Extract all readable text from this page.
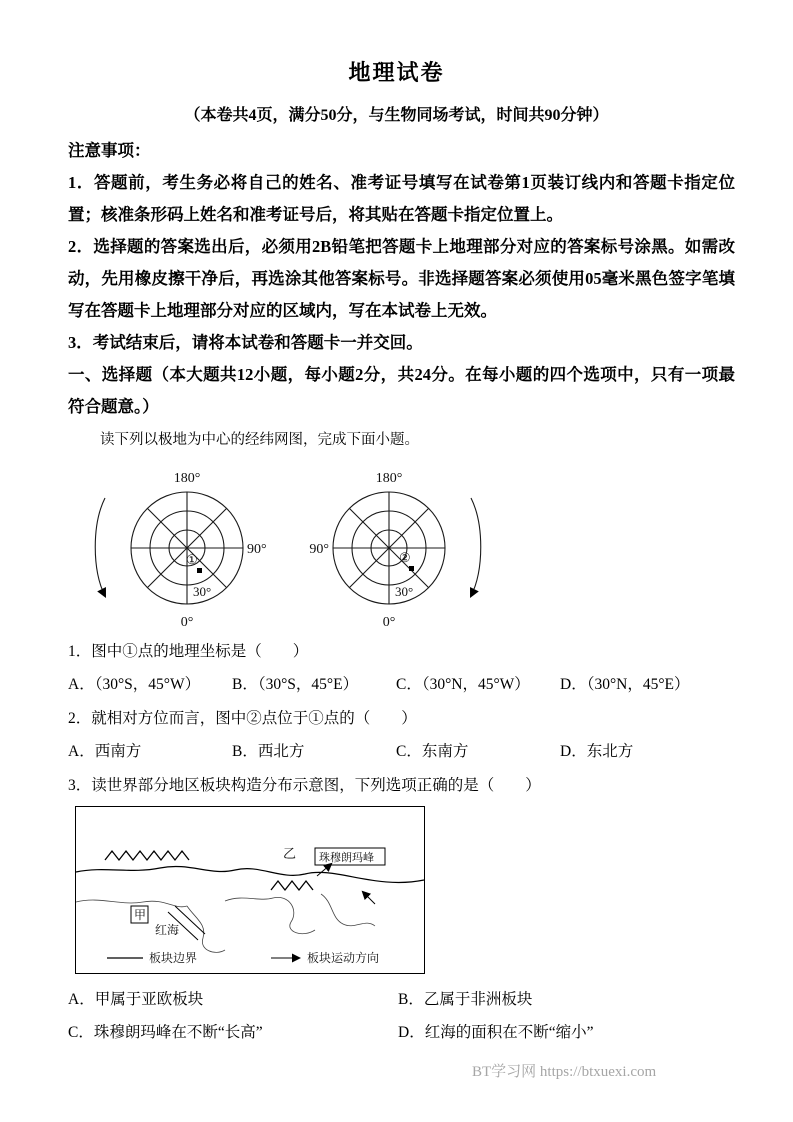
地理试卷
（本卷共4页，满分50分，与生物同场考试，时间共90分钟）

注意事项：

1．答题前，考生务必将自己的姓名、准考证号填写在试卷第1页装订线内和答题卡指定位置；核准条形码上姓名和准考证号后，将其贴在答题卡指定位置上。

2．选择题的答案选出后，必须用2B铅笔把答题卡上地理部分对应的答案标号涂黑。如需改动，先用橡皮擦干净后，再选涂其他答案标号。非选择题答案必须使用05毫米黑色签字笔填写在答题卡上地理部分对应的区域内，写在本试卷上无效。

3．考试结束后，请将本试卷和答题卡一并交回。

一、选择题（本大题共12小题，每小题2分，共24分。在每小题的四个选项中，只有一项最符合题意。）

读下列以极地为中心的经纬网图，完成下面小题。

180°
90°
30°
0°
①
180°
90°
30°
0°
②

1．图中①点的地理坐标是（　　）

A．（30°S，45°W）	B．（30°S，45°E）	C．（30°N，45°W）	D．（30°N，45°E）

2．就相对方位而言，图中②点位于①点的（　　）

A．西南方	B．西北方	C．东南方	D．东北方

3．读世界部分地区板块构造分布示意图，下列选项正确的是（　　）

甲
红海
乙 珠穆朗玛峰
板块边界	板块运动方向
A．甲属于亚欧板块	B．乙属于非洲板块
C．珠穆朗玛峰在不断“长高”	D．红海的面积在不断“缩小”
BT学习网 https://btxuexi.com
